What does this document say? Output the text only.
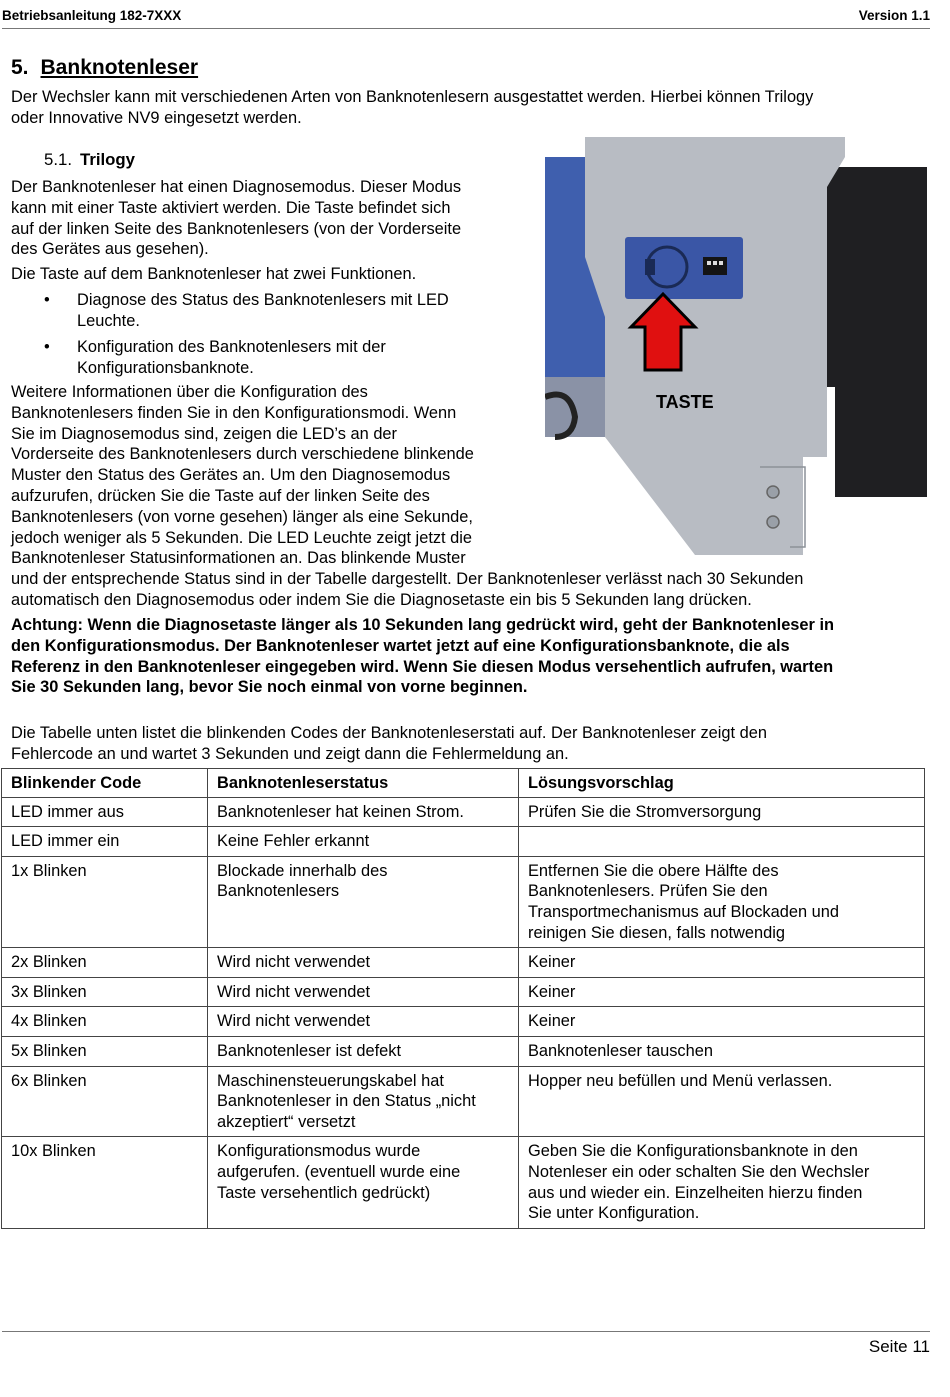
Betriebsanleitung 182-7XXX	Version 1.1
5. Banknotenleser
Der Wechsler kann mit verschiedenen Arten von Banknotenlesern ausgestattet werden. Hierbei können Trilogy
oder Innovative NV9 eingesetzt werden.
5.1. Trilogy
Der Banknotenleser hat einen Diagnosemodus. Dieser Modus
kann mit einer Taste aktiviert werden. Die Taste befindet sich
auf der linken Seite des Banknotenlesers (von der Vorderseite
des Gerätes aus gesehen).
Die Taste auf dem Banknotenleser hat zwei Funktionen.
• Diagnose des Status des Banknotenlesers mit LED
Leuchte.
• Konfiguration des Banknotenlesers mit der
Konfigurationsbanknote.
Weitere Informationen über die Konfiguration des
Banknotenlesers finden Sie in den Konfigurationsmodi. Wenn
Sie im Diagnosemodus sind, zeigen die LED’s an der
Vorderseite des Banknotenlesers durch verschiedene blinkende
Muster den Status des Gerätes an. Um den Diagnosemodus
aufzurufen, drücken Sie die Taste auf der linken Seite des
Banknotenlesers (von vorne gesehen) länger als eine Sekunde,
jedoch weniger als 5 Sekunden. Die LED Leuchte zeigt jetzt die
Banknotenleser Statusinformationen an. Das blinkende Muster
und der entsprechende Status sind in der Tabelle dargestellt. Der Banknotenleser verlässt nach 30 Sekunden
automatisch den Diagnosemodus oder indem Sie die Diagnosetaste ein bis 5 Sekunden lang drücken.
Achtung: Wenn die Diagnosetaste länger als 10 Sekunden lang gedrückt wird, geht der Banknotenleser in
den Konfigurationsmodus. Der Banknotenleser wartet jetzt auf eine Konfigurationsbanknote, die als
Referenz in den Banknotenleser eingegeben wird. Wenn Sie diesen Modus versehentlich aufrufen, warten
Sie 30 Sekunden lang, bevor Sie noch einmal von vorne beginnen.
Die Tabelle unten listet die blinkenden Codes der Banknotenleserstati auf. Der Banknotenleser zeigt den
Fehlercode an und wartet 3 Sekunden und zeigt dann die Fehlermeldung an.
TASTE
Blinkender Code	Banknotenleserstatus	Lösungsvorschlag
LED immer aus	Banknotenleser hat keinen Strom.	Prüfen Sie die Stromversorgung
LED immer ein	Keine Fehler erkannt	
1x Blinken	Blockade innerhalb des
Banknotenlesers	Entfernen Sie die obere Hälfte des
Banknotenlesers. Prüfen Sie den
Transportmechanismus auf Blockaden und
reinigen Sie diesen, falls notwendig
2x Blinken	Wird nicht verwendet	Keiner
3x Blinken	Wird nicht verwendet	Keiner
4x Blinken	Wird nicht verwendet	Keiner
5x Blinken	Banknotenleser ist defekt	Banknotenleser tauschen
6x Blinken	Maschinensteuerungskabel hat
Banknotenleser in den Status „nicht
akzeptiert“ versetzt	Hopper neu befüllen und Menü verlassen.
10x Blinken	Konfigurationsmodus wurde
aufgerufen. (eventuell wurde eine
Taste versehentlich gedrückt)	Geben Sie die Konfigurationsbanknote in den
Notenleser ein oder schalten Sie den Wechsler
aus und wieder ein. Einzelheiten hierzu finden
Sie unter Konfiguration.
Seite 11
